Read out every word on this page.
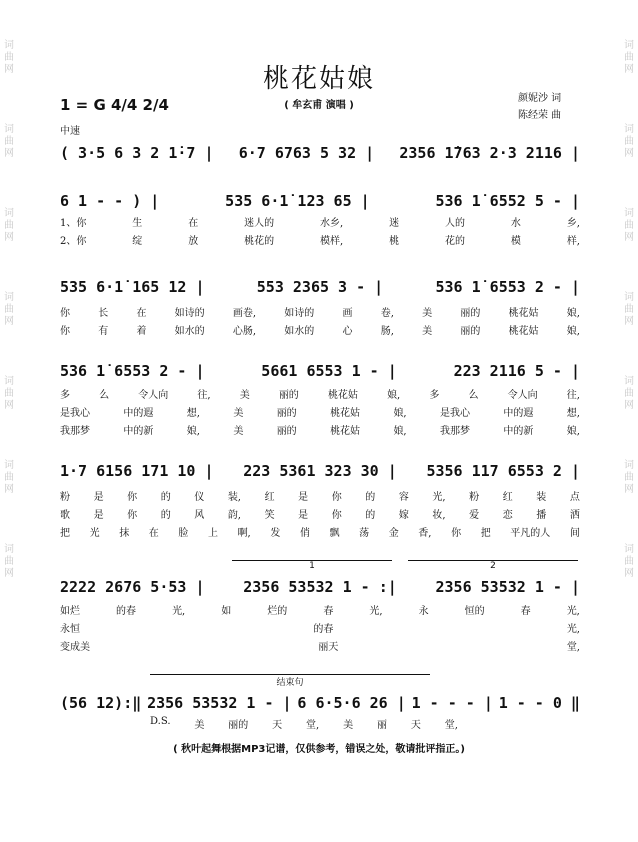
词
曲
网
词
曲
网
词
曲
网
词
曲
网
词
曲
网
词
曲
网
词
曲
网
词
曲
网
词
曲
网
词
曲
网
词
曲
网
词
曲
网
词
曲
网
词
曲
网
桃花姑娘
( 牟玄甫 演唱 )
1 = G 4/4 2/4
中速
颜妮沙 词
陈经荣 曲
( 3·5 6 3 2 1̇·7 | 6·7 6763 5 32 | 2356 1̇763 2·3 2116 |
6 1 - - ) |	535 6·1̇ 123 65 |	536 1̇ 6552 5 - |
1、你	生	在	迷人的	水乡,	迷	人的	水	乡,
2、你	绽	放	桃花的	模样,	桃	花的	模	样,
535 6·1̇ 165 12 |	553 2365 3 - |	536 1̇ 6553 2 - |
你	长	在	如诗的	画卷,	如诗的	画	卷,	美	丽的	桃花姑	娘,
你	有	着	如水的	心肠,	如水的	心	肠,	美	丽的	桃花姑	娘,
536 1̇ 6553 2 - |	5661 6553 1 - |	223 2116 5 - |
多	么	令人向	往,	美	丽的	桃花姑	娘,	多	么	令人向	往,
是我心	中的遐	想,	美	丽的	桃花姑	娘,	是我心	中的遐	想,
我那梦	中的新	娘,	美	丽的	桃花姑	娘,	我那梦	中的新	娘,
1·7 6156 171 10 | 223 5361 323 30 | 5356 117 6553 2 |
粉 是 你 的 仪 装, 红 是 你 的 容 光, 粉 红 装 点
歌 是 你 的 风 韵, 笑 是 你 的 嫁 妆, 爱 恋 播 洒
把 光 抹 在 脸 上 啊, 发 俏 飘 荡 金 香, 你 把 平凡的人 间
2222 2676 5·53 |	2356 53532 1 - :|	2356 53532 1 - |
如烂	的春	光,	如	烂的	春	光,	永	恒的	春	光,
永恒	的春	光,
变成美	丽天	堂,
(56 12):‖ 2356 53532 1 - | 6 6·5·6 26 | 1 - - - | 1 - - 0 ‖
D.S. 美 丽的 天 堂, 美 丽 天 堂,
1	2
结束句
( 秋叶起舞根据MP3记谱，仅供参考，错误之处，敬请批评指正。)
